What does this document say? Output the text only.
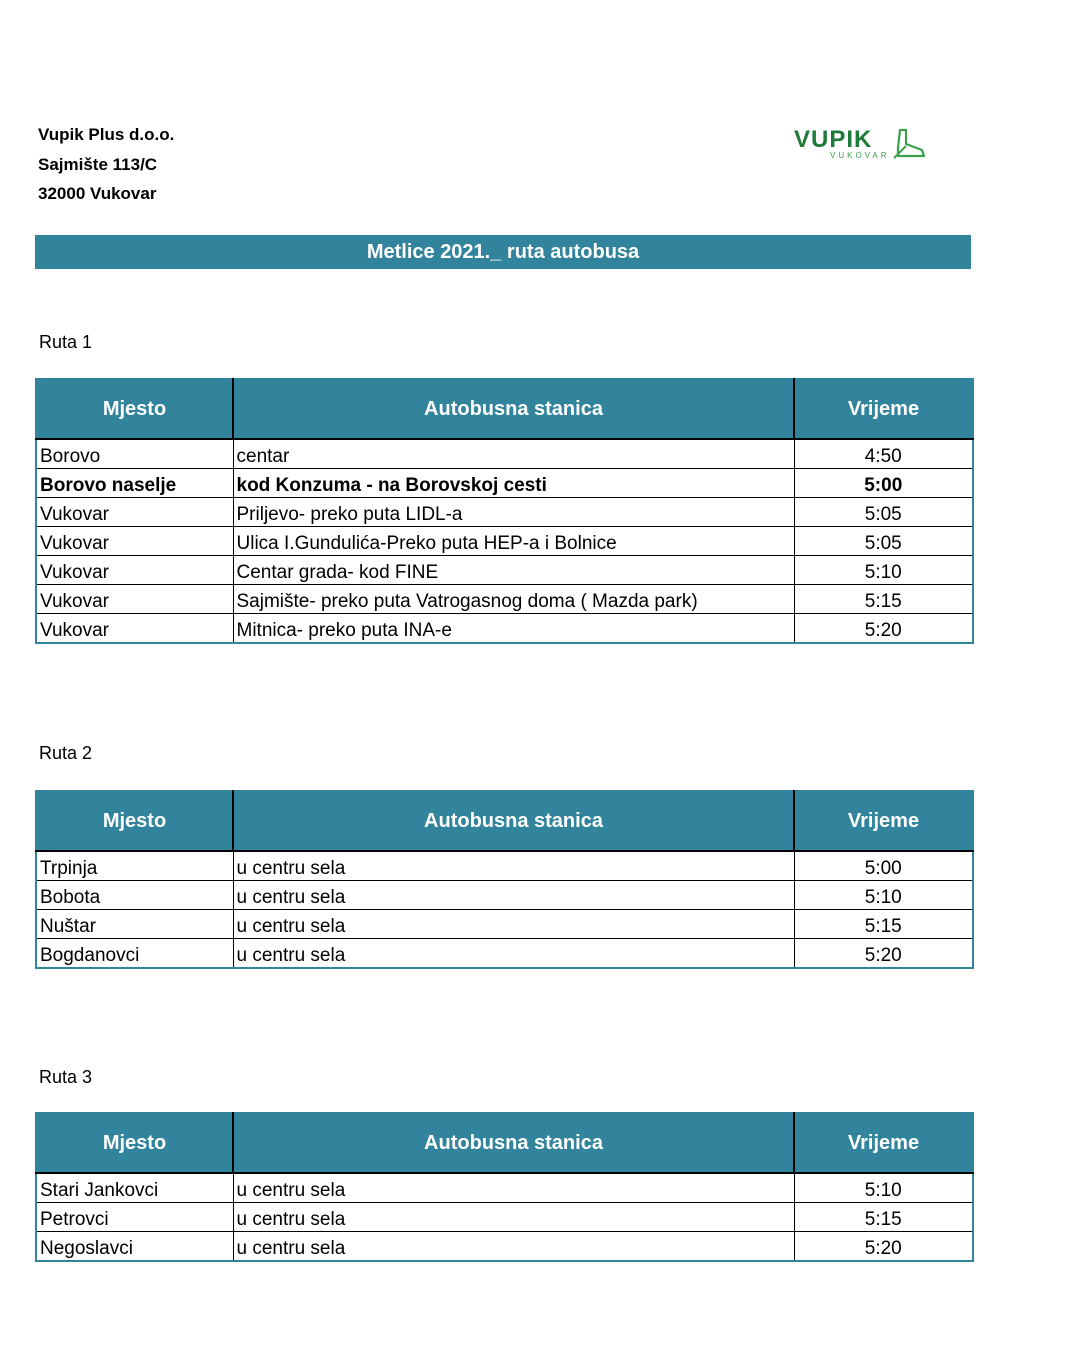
Vupik Plus d.o.o.
Sajmište 113/C
32000 Vukovar
VUPIK
VUKOVAR
Metlice 2021._ ruta autobusa
Ruta 1
Mjesto	Autobusna stanica	Vrijeme
Borovo	centar	4:50
Borovo naselje	kod Konzuma - na Borovskoj cesti	5:00
Vukovar	Priljevo- preko puta LIDL-a	5:05
Vukovar	Ulica I.Gundulića-Preko puta HEP-a i Bolnice	5:05
Vukovar	Centar grada- kod FINE	5:10
Vukovar	Sajmište- preko puta Vatrogasnog doma ( Mazda park)	5:15
Vukovar	Mitnica- preko puta INA-e	5:20
Ruta 2
Mjesto	Autobusna stanica	Vrijeme
Trpinja	u centru sela	5:00
Bobota	u centru sela	5:10
Nuštar	u centru sela	5:15
Bogdanovci	u centru sela	5:20
Ruta 3
Mjesto	Autobusna stanica	Vrijeme
Stari Jankovci	u centru sela	5:10
Petrovci	u centru sela	5:15
Negoslavci	u centru sela	5:20
